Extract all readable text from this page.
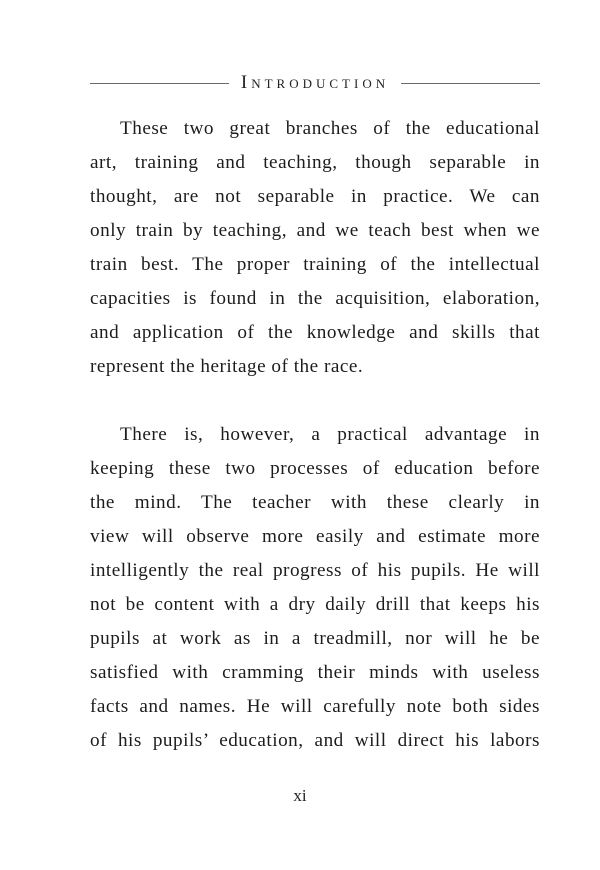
Introduction

These two great branches of the educational
art, training and teaching, though separable in
thought, are not separable in practice. We can
only train by teaching, and we teach best when we
train best. The proper training of the intellectual
capacities is found in the acquisition, elaboration,
and application of the knowledge and skills that
represent the heritage of the race.

There is, however, a practical advantage in
keeping these two processes of education before
the mind. The teacher with these clearly in
view will observe more easily and estimate more
intelligently the real progress of his pupils. He will
not be content with a dry daily drill that keeps his
pupils at work as in a treadmill, nor will he be
satisfied with cramming their minds with useless
facts and names. He will carefully note both sides
of his pupils’ education, and will direct his labors

xi
